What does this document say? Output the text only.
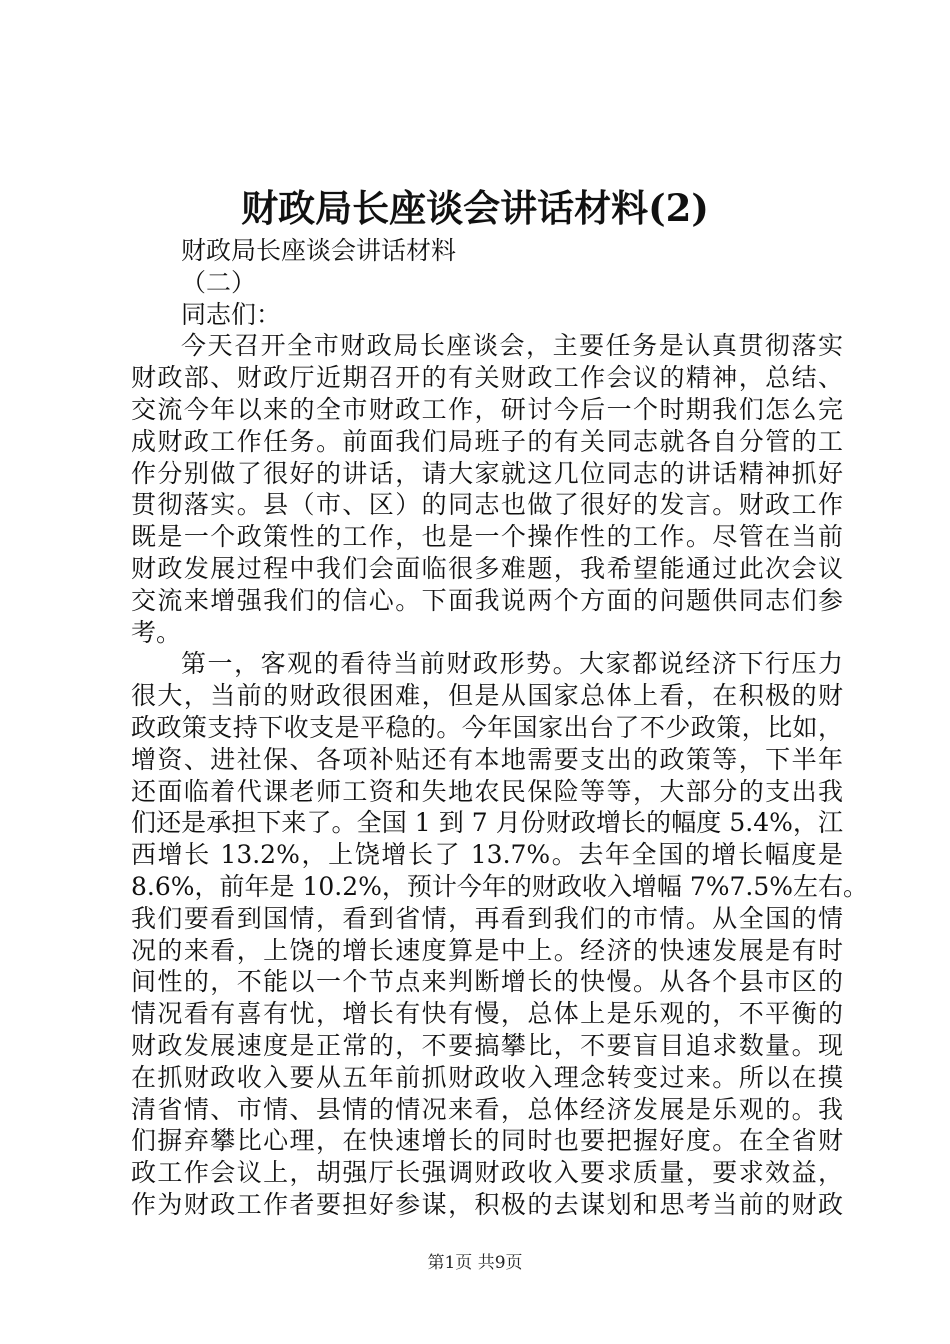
财政局长座谈会讲话材料(2)
财政局长座谈会讲话材料
（二）
同志们：
今天召开全市财政局长座谈会，主要任务是认真贯彻落实
财政部、财政厅近期召开的有关财政工作会议的精神，总结、
交流今年以来的全市财政工作，研讨今后一个时期我们怎么完
成财政工作任务。前面我们局班子的有关同志就各自分管的工
作分别做了很好的讲话，请大家就这几位同志的讲话精神抓好
贯彻落实。县（市、区）的同志也做了很好的发言。财政工作
既是一个政策性的工作，也是一个操作性的工作。尽管在当前
财政发展过程中我们会面临很多难题，我希望能通过此次会议
交流来增强我们的信心。下面我说两个方面的问题供同志们参
考。
第一，客观的看待当前财政形势。大家都说经济下行压力
很大，当前的财政很困难，但是从国家总体上看，在积极的财
政政策支持下收支是平稳的。今年国家出台了不少政策，比如，
增资、进社保、各项补贴还有本地需要支出的政策等，下半年
还面临着代课老师工资和失地农民保险等等，大部分的支出我
们还是承担下来了。全国 1 到 7 月份财政增长的幅度 5.4%，江
西增长 13.2%，上饶增长了 13.7%。去年全国的增长幅度是
8.6%，前年是 10.2%，预计今年的财政收入增幅 7%7.5%左右。
我们要看到国情，看到省情，再看到我们的市情。从全国的情
况的来看，上饶的增长速度算是中上。经济的快速发展是有时
间性的，不能以一个节点来判断增长的快慢。从各个县市区的
情况看有喜有忧，增长有快有慢，总体上是乐观的，不平衡的
财政发展速度是正常的，不要搞攀比，不要盲目追求数量。现
在抓财政收入要从五年前抓财政收入理念转变过来。所以在摸
清省情、市情、县情的情况来看，总体经济发展是乐观的。我
们摒弃攀比心理，在快速增长的同时也要把握好度。在全省财
政工作会议上，胡强厅长强调财政收入要求质量，要求效益，
作为财政工作者要担好参谋，积极的去谋划和思考当前的财政
第1页 共9页
